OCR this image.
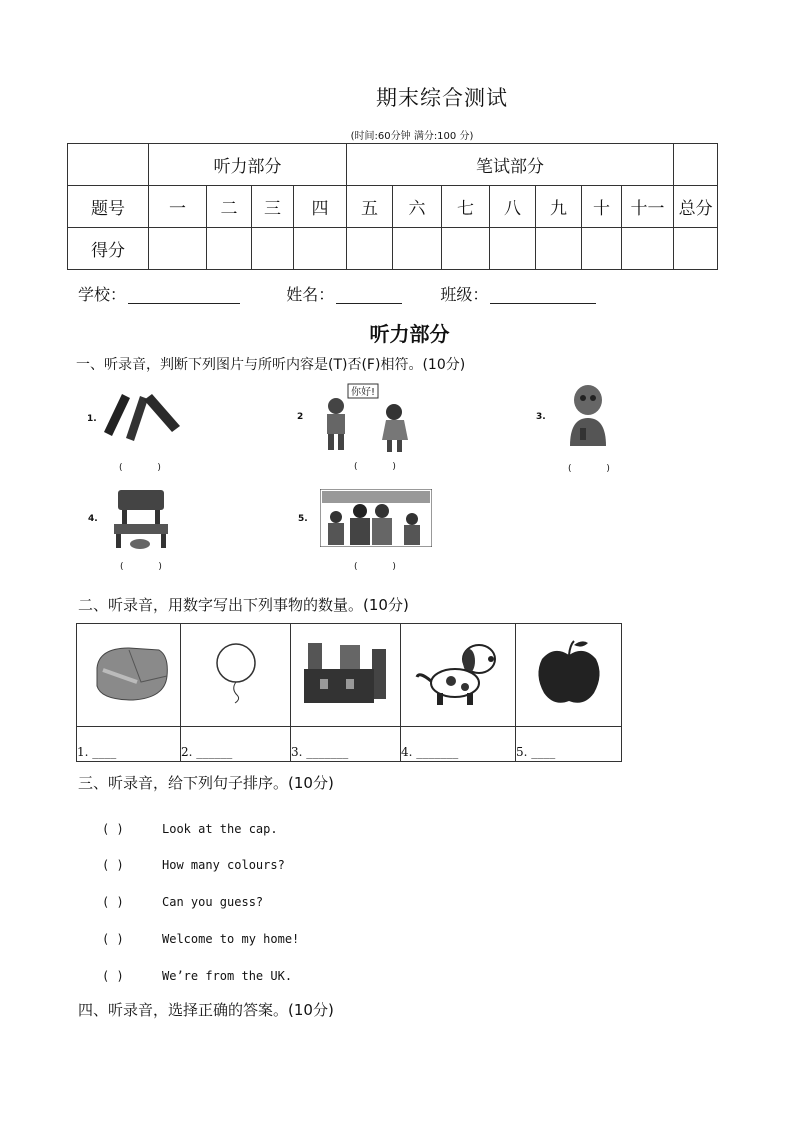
期末综合测试
(时间:60分钟 满分:100 分)
	听力部分				笔试部分							
题号	一	二	三	四	五	六	七	八	九	十	十一	总分
得分												
学校：	姓名：	班级：
听力部分
一、听录音，判断下列图片与所听内容是(T)否(F)相符。(10分)
1.
( )
2
你好!
( )
3.
( )
4.
( )
5.
( )
二、听录音，用数字写出下列事物的数量。(10分)

1. ____	2. ______	3. _______	4. _______	5. ____
三、听录音，给下列句子排序。(10分)
( )	Look at the cap.
( )	How many colours?
( )	Can you guess?
( )	Welcome to my home!
( )	We’re from the UK.
四、听录音，选择正确的答案。(10分)
